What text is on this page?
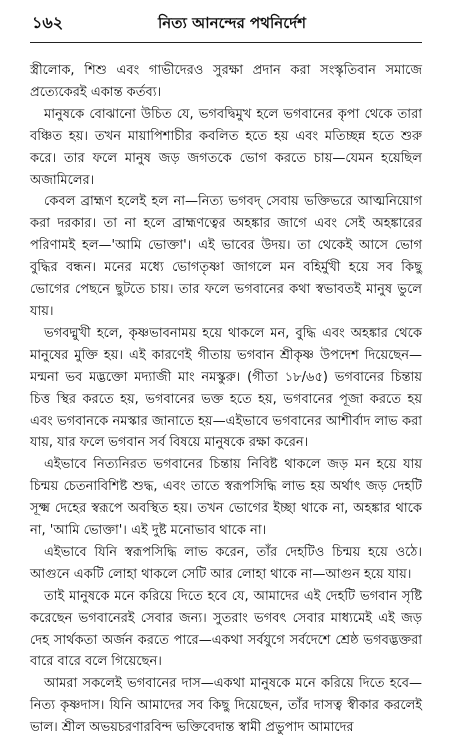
১৬২	নিত্য আনন্দের পথনির্দেশ

স্ত্রীলোক, শিশু এবং গাভীদেরও সুরক্ষা প্রদান করা সংস্কৃতিবান সমাজে প্রত্যেকেরই একান্ত কর্তব্য।

মানুষকে বোঝানো উচিত যে, ভগবদ্বিমুখ হলে ভগবানের কৃপা থেকে তারা বঞ্চিত হয়। তখন মায়াপিশাচীর কবলিত হতে হয় এবং মতিচ্ছন্ন হতে শুরু করে। তার ফলে মানুষ জড় জগতকে ভোগ করতে চায়—যেমন হয়েছিল অজামিলের।

কেবল ব্রাহ্মণ হলেই হল না—নিত্য ভগবদ্ সেবায় ভক্তিভরে আত্মনিয়োগ করা দরকার। তা না হলে ব্রাহ্মণত্বের অহঙ্কার জাগে এবং সেই অহঙ্কারের পরিণামই হল—'আমি ভোক্তা'। এই ভাবের উদয়। তা থেকেই আসে ভোগ বুদ্ধির বন্ধন। মনের মধ্যে ভোগতৃষ্ণা জাগলে মন বহির্মুখী হয়ে সব কিছু ভোগের পেছনে ছুটতে চায়। তার ফলে ভগবানের কথা স্বভাবতই মানুষ ভুলে যায়।

ভগবদ্মুখী হলে, কৃষ্ণভাবনাময় হয়ে থাকলে মন, বুদ্ধি এবং অহঙ্কার থেকে মানুষের মুক্তি হয়। এই কারণেই গীতায় ভগবান শ্রীকৃষ্ণ উপদেশ দিয়েছেন—মন্মনা ভব মদ্ভক্তো মদ্যাজী মাং নমস্কুরু। (গীতা ১৮/৬৫) ভগবানের চিন্তায় চিত্ত স্থির করতে হয়, ভগবানের ভক্ত হতে হয়, ভগবানের পূজা করতে হয় এবং ভগবানকে নমস্কার জানাতে হয়—এইভাবে ভগবানের আশীর্বাদ লাভ করা যায়, যার ফলে ভগবান সর্ব বিষয়ে মানুষকে রক্ষা করেন।

এইভাবে নিত্যনিরত ভগবানের চিন্তায় নিবিষ্ট থাকলে জড় মন হয়ে যায় চিন্ময় চেতনাবিশিষ্ট শুদ্ধ, এবং তাতে স্বরূপসিদ্ধি লাভ হয় অর্থাৎ জড় দেহটি সূক্ষ্ম দেহের স্বরূপে অবস্থিত হয়। তখন ভোগের ইচ্ছা থাকে না, অহঙ্কার থাকে না, 'আমি ভোক্তা'। এই দুষ্ট মনোভাব থাকে না।

এইভাবে যিনি স্বরূপসিদ্ধি লাভ করেন, তাঁর দেহটিও চিন্ময় হয়ে ওঠে। আগুনে একটি লোহা থাকলে সেটি আর লোহা থাকে না—আগুন হয়ে যায়।

তাই মানুষকে মনে করিয়ে দিতে হবে যে, আমাদের এই দেহটি ভগবান সৃষ্টি করেছেন ভগবানেরই সেবার জন্য। সুতরাং ভগবৎ সেবার মাধ্যমেই এই জড় দেহ সার্থকতা অর্জন করতে পারে—একথা সর্বযুগে সর্বদেশে শ্রেষ্ঠ ভগবদ্ভক্তরা বারে বারে বলে গিয়েছেন।

আমরা সকলেই ভগবানের দাস—একথা মানুষকে মনে করিয়ে দিতে হবে—নিত্য কৃষ্ণদাস। যিনি আমাদের সব কিছু দিয়েছেন, তাঁর দাসত্ব স্বীকার করলেই ভাল। শ্রীল অভয়চরণারবিন্দ ভক্তিবেদান্ত স্বামী প্রভুপাদ আমাদের
